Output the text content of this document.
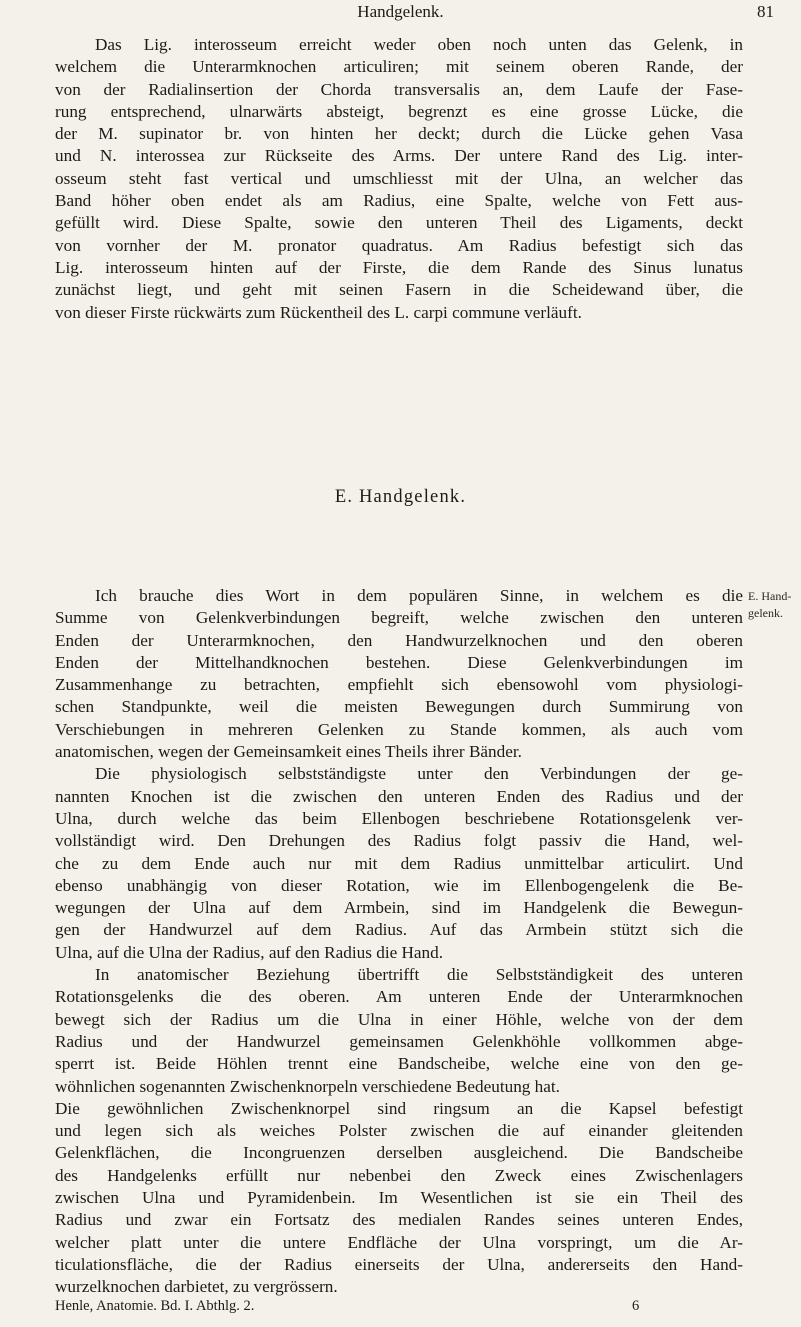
Handgelenk.	81
Das Lig. interosseum erreicht weder oben noch unten das Gelenk, in
welchem die Unterarmknochen articuliren; mit seinem oberen Rande, der
von der Radialinsertion der Chorda transversalis an, dem Laufe der Fase-
rung entsprechend, ulnarwärts absteigt, begrenzt es eine grosse Lücke, die
der M. supinator br. von hinten her deckt; durch die Lücke gehen Vasa
und N. interossea zur Rückseite des Arms. Der untere Rand des Lig. inter-
osseum steht fast vertical und umschliesst mit der Ulna, an welcher das
Band höher oben endet als am Radius, eine Spalte, welche von Fett aus-
gefüllt wird. Diese Spalte, sowie den unteren Theil des Ligaments, deckt
von vornher der M. pronator quadratus. Am Radius befestigt sich das
Lig. interosseum hinten auf der Firste, die dem Rande des Sinus lunatus
zunächst liegt, und geht mit seinen Fasern in die Scheidewand über, die
von dieser Firste rückwärts zum Rückentheil des L. carpi commune verläuft.
E. Handgelenk.
E. Hand-
gelenk.
Ich brauche dies Wort in dem populären Sinne, in welchem es die
Summe von Gelenkverbindungen begreift, welche zwischen den unteren
Enden der Unterarmknochen, den Handwurzelknochen und den oberen
Enden der Mittelhandknochen bestehen. Diese Gelenkverbindungen im
Zusammenhange zu betrachten, empfiehlt sich ebensowohl vom physiologi-
schen Standpunkte, weil die meisten Bewegungen durch Summirung von
Verschiebungen in mehreren Gelenken zu Stande kommen, als auch vom
anatomischen, wegen der Gemeinsamkeit eines Theils ihrer Bänder.
Die physiologisch selbstständigste unter den Verbindungen der ge-
nannten Knochen ist die zwischen den unteren Enden des Radius und der
Ulna, durch welche das beim Ellenbogen beschriebene Rotationsgelenk ver-
vollständigt wird. Den Drehungen des Radius folgt passiv die Hand, wel-
che zu dem Ende auch nur mit dem Radius unmittelbar articulirt. Und
ebenso unabhängig von dieser Rotation, wie im Ellenbogengelenk die Be-
wegungen der Ulna auf dem Armbein, sind im Handgelenk die Bewegun-
gen der Handwurzel auf dem Radius. Auf das Armbein stützt sich die
Ulna, auf die Ulna der Radius, auf den Radius die Hand.
In anatomischer Beziehung übertrifft die Selbstständigkeit des unteren
Rotationsgelenks die des oberen. Am unteren Ende der Unterarmknochen
bewegt sich der Radius um die Ulna in einer Höhle, welche von der dem
Radius und der Handwurzel gemeinsamen Gelenkhöhle vollkommen abge-
sperrt ist. Beide Höhlen trennt eine Bandscheibe, welche eine von den ge-
wöhnlichen sogenannten Zwischenknorpeln verschiedene Bedeutung hat.
Die gewöhnlichen Zwischenknorpel sind ringsum an die Kapsel befestigt
und legen sich als weiches Polster zwischen die auf einander gleitenden
Gelenkflächen, die Incongruenzen derselben ausgleichend. Die Bandscheibe
des Handgelenks erfüllt nur nebenbei den Zweck eines Zwischenlagers
zwischen Ulna und Pyramidenbein. Im Wesentlichen ist sie ein Theil des
Radius und zwar ein Fortsatz des medialen Randes seines unteren Endes,
welcher platt unter die untere Endfläche der Ulna vorspringt, um die Ar-
ticulationsfläche, die der Radius einerseits der Ulna, andererseits den Hand-
wurzelknochen darbietet, zu vergrössern.
Henle, Anatomie. Bd. I. Abthlg. 2.	6
